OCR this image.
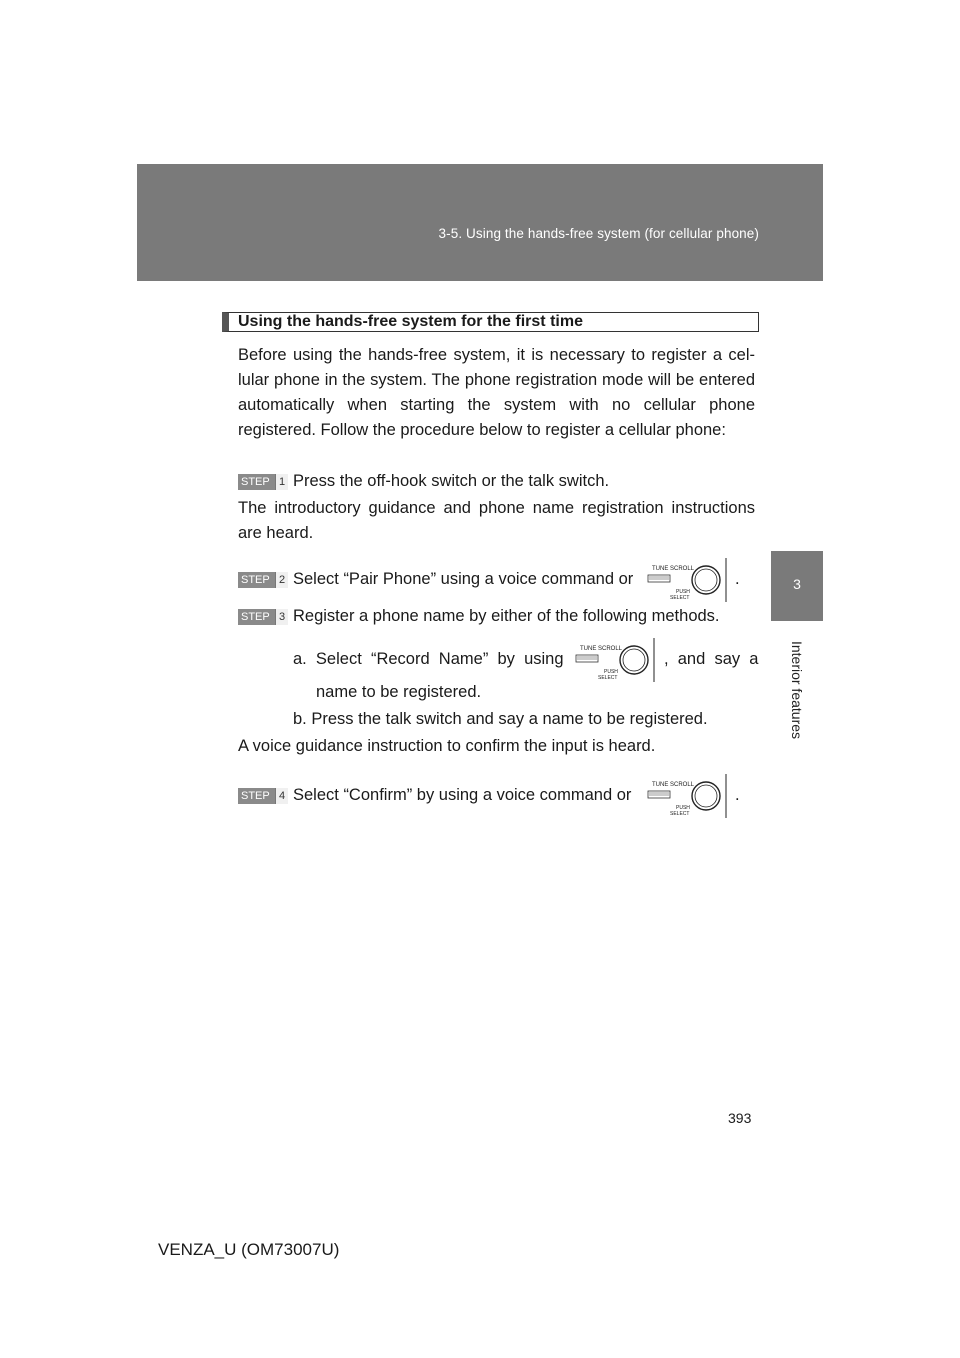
3-5. Using the hands-free system (for cellular phone)
3
Interior features
Using the hands-free system for the first time
Before using the hands-free system, it is necessary to register a cel-lular phone in the system. The phone registration mode will be entered automatically when starting the system with no cellular phone registered. Follow the procedure below to register a cellular phone:
STEP 1 Press the off-hook switch or the talk switch.
The introductory guidance and phone name registration instructions are heard.
STEP 2 Select “Pair Phone” using a voice command or
TUNE SCROLL
PUSH
SELECT
.
STEP 3 Register a phone name by either of the following methods.
a.  Select  “Record  Name”  by  using
TUNE SCROLL
PUSH
SELECT
,  and  say  a
name to be registered.
b. Press the talk switch and say a name to be registered.
A voice guidance instruction to confirm the input is heard.
STEP 4 Select “Confirm” by using a voice command or
TUNE SCROLL
PUSH
SELECT
.
393
VENZA_U (OM73007U)
